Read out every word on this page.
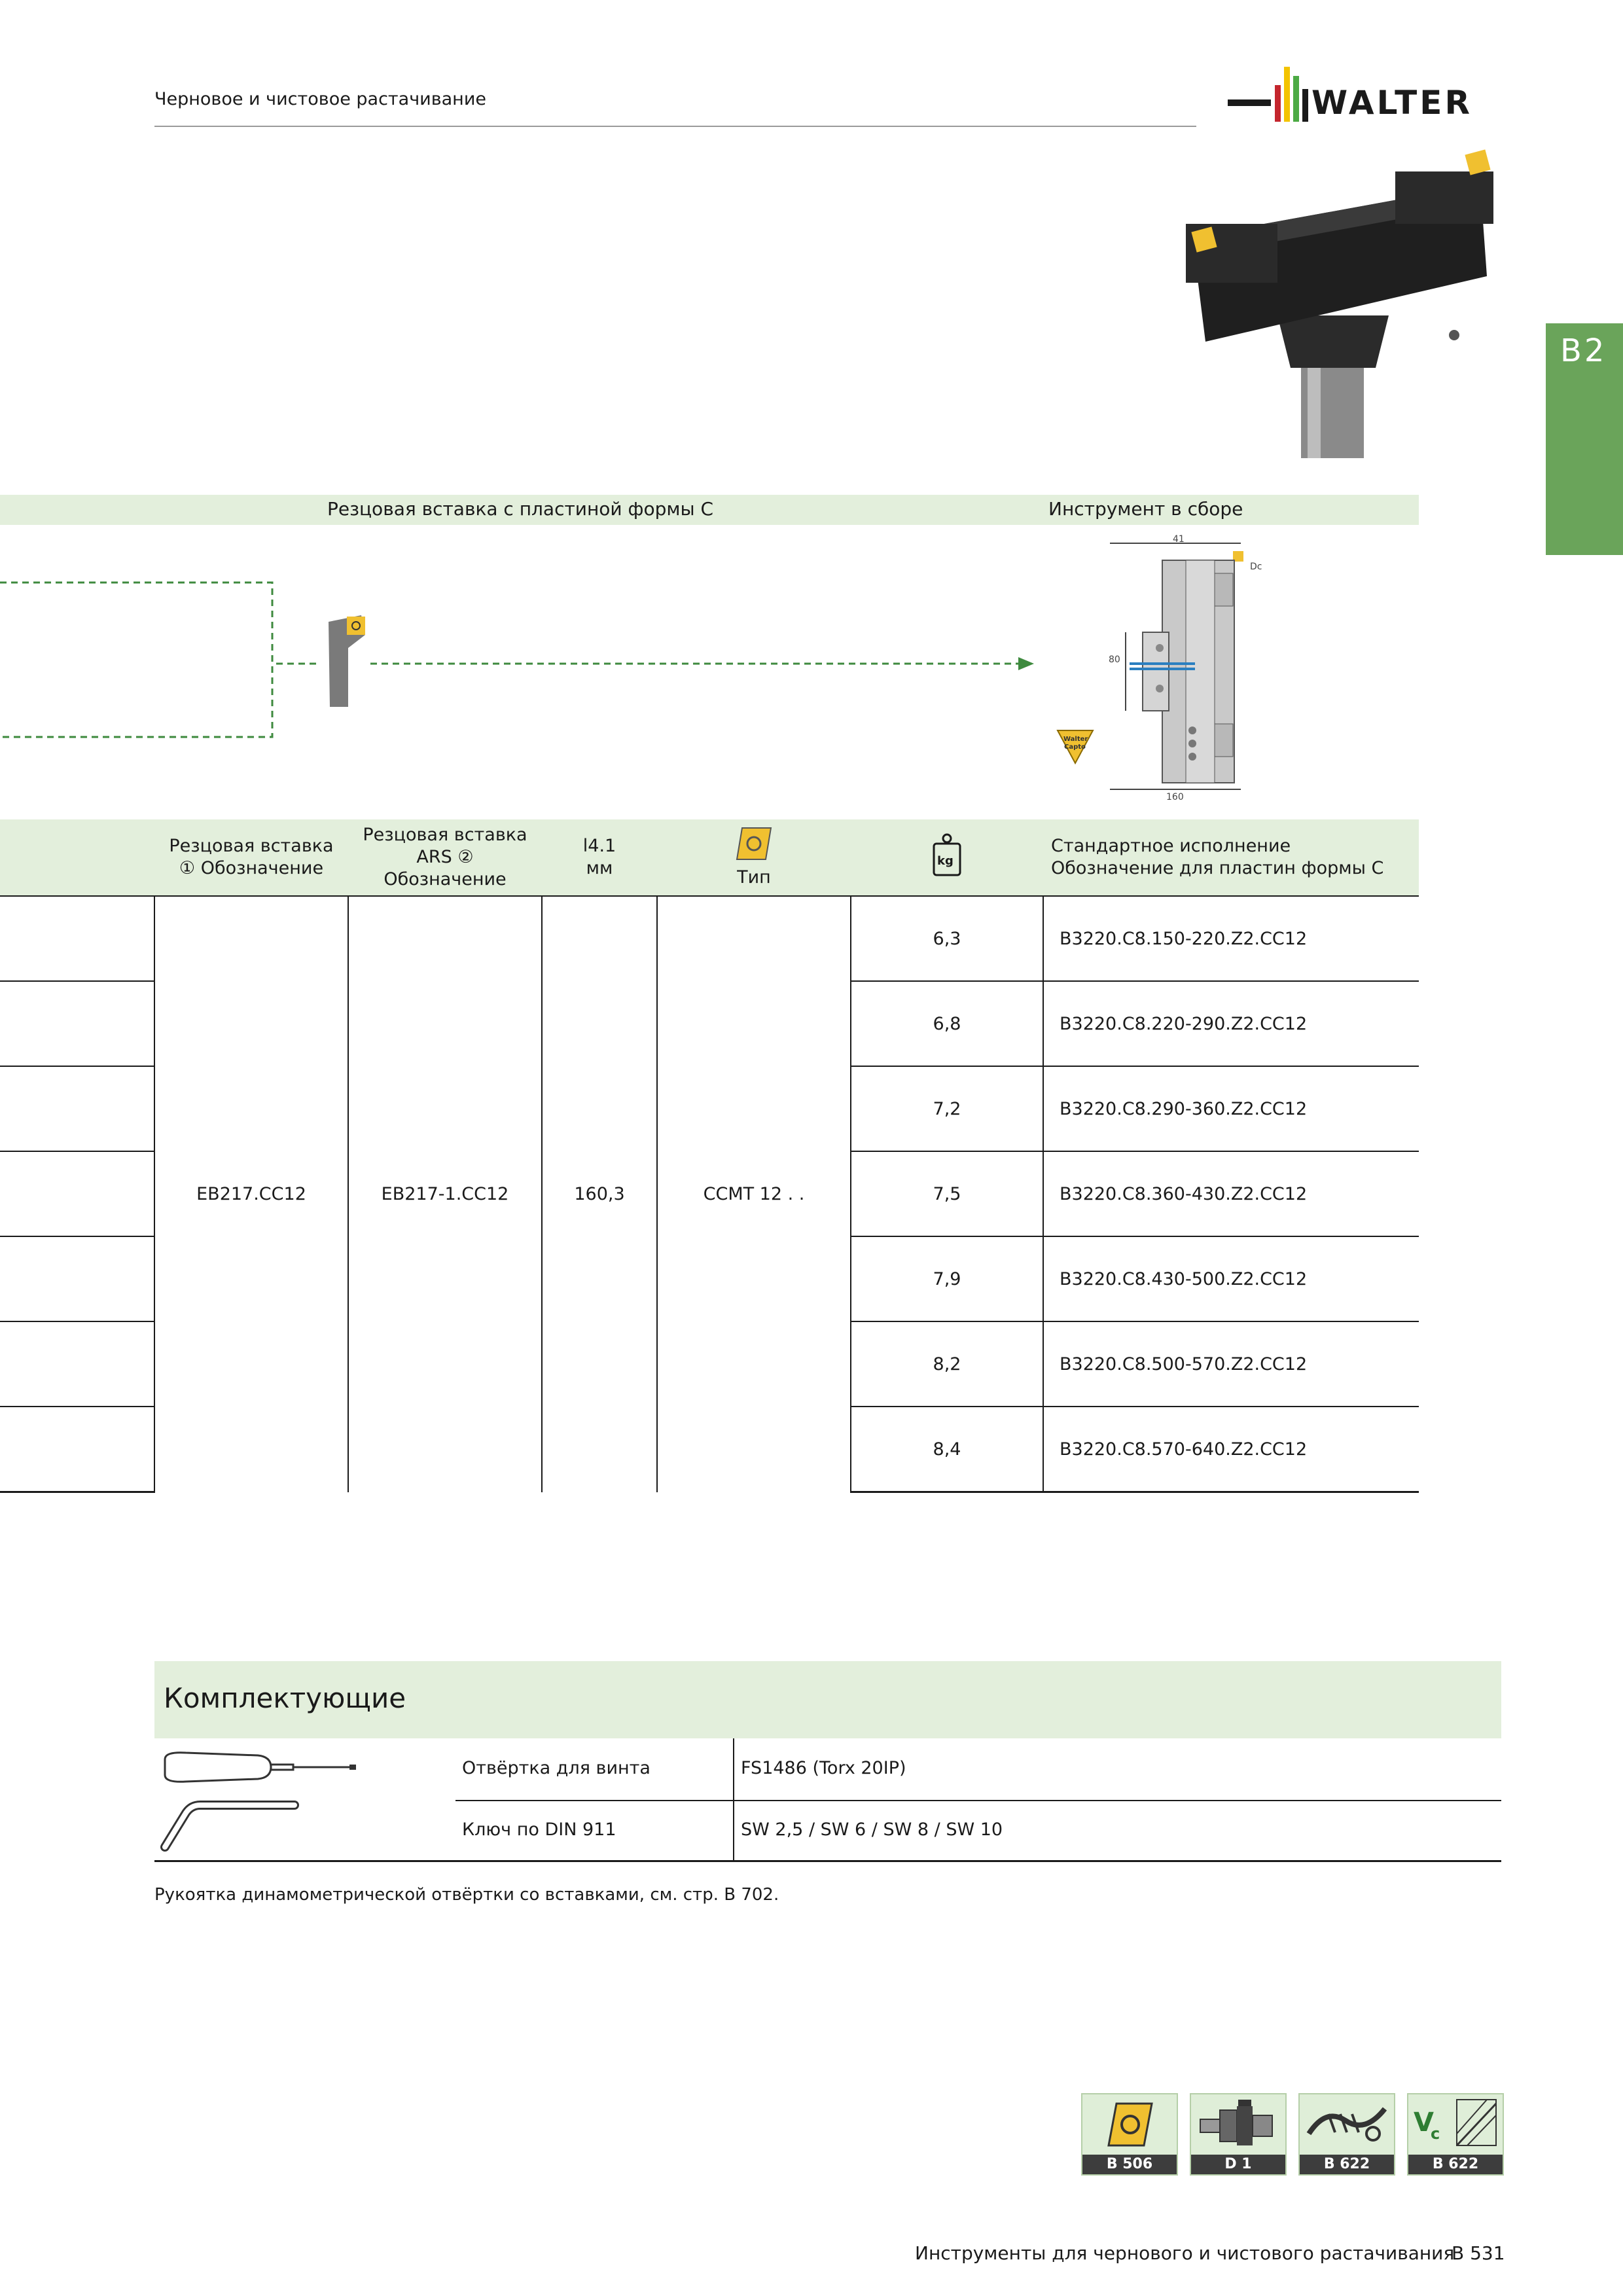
Черновое и чистовое растачивание	WALTER
B2
Резцовая вставка с пластиной формы C	Инструмент в сборе
41
Dc
80
160
Walter
Capto
	Резцовая вставка ① Обозначение	Резцовая вставка ARS ② Обозначение	l4.1
мм	Тип	kg	Стандартное исполнение Обозначение для пластин формы C
	EB217.CC12	EB217-1.CC12	160,3	CCMT 12 . .	6,3	B3220.C8.150-220.Z2.CC12
					6,8	B3220.C8.220-290.Z2.CC12
					7,2	B3220.C8.290-360.Z2.CC12
					7,5	B3220.C8.360-430.Z2.CC12
					7,9	B3220.C8.430-500.Z2.CC12
					8,2	B3220.C8.500-570.Z2.CC12
					8,4	B3220.C8.570-640.Z2.CC12
Комплектующие
Отвёртка для винта	FS1486 (Torx 20IP)
Ключ по DIN 911	SW 2,5 / SW 6 / SW 8 / SW 10
Рукоятка динамометрической отвёртки со вставками, см. стр. B 702.
B 506	D 1	B 622
V
c
B 622
Инструменты для чернового и чистового растачивания
B 531
